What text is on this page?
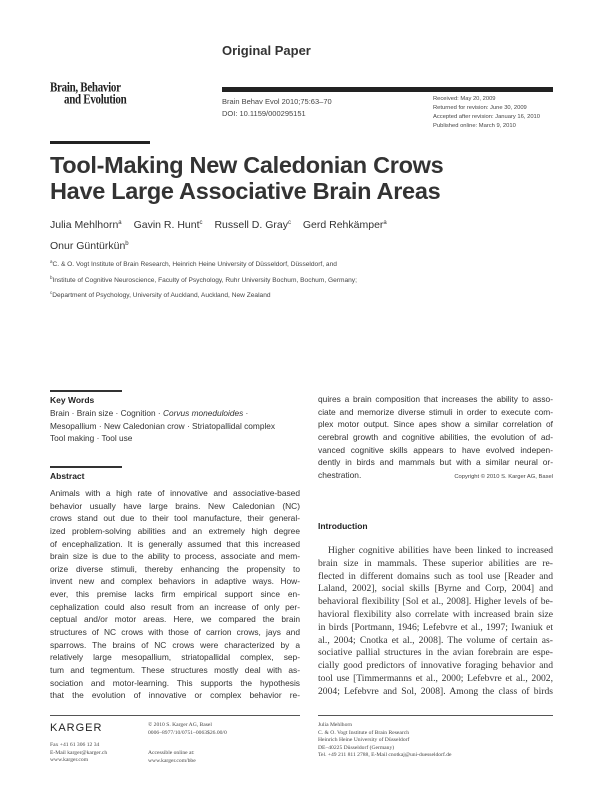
Original Paper
Brain, Behavior
and Evolution	Brain Behav Evol 2010;75:63–70
DOI: 10.1159/000295151
Received: May 20, 2009
Returned for revision: June 30, 2009
Accepted after revision: January 16, 2010
Published online: March 9, 2010
Tool-Making New Caledonian Crows
Have Large Associative Brain Areas
Julia Mehlhorn$^a$ Gavin R. Hunt$^c$ Russell D. Gray$^c$ Gerd Rehkämper$^a$
Onur Güntürkün$^b$
$^a$C. & O. Vogt Institute of Brain Research, Heinrich Heine University of Düsseldorf, Düsseldorf, and
$^b$Institute of Cognitive Neuroscience, Faculty of Psychology, Ruhr University Bochum, Bochum, Germany;
$^c$Department of Psychology, University of Auckland, Auckland, New Zealand
Key Words
Brain · Brain size · Cognition · Corvus moneduloides ·
Mesopallium · New Caledonian crow · Striatopallidal complex
Tool making · Tool use
Abstract
Animals with a high rate of innovative and associative-based
behavior usually have large brains. New Caledonian (NC)
crows stand out due to their tool manufacture, their general-
ized problem-solving abilities and an extremely high degree
of encephalization. It is generally assumed that this increased
brain size is due to the ability to process, associate and mem-
orize diverse stimuli, thereby enhancing the propensity to
invent new and complex behaviors in adaptive ways. How-
ever, this premise lacks firm empirical support since en-
cephalization could also result from an increase of only per-
ceptual and/or motor areas. Here, we compared the brain
structures of NC crows with those of carrion crows, jays and
sparrows. The brains of NC crows were characterized by a
relatively large mesopallium, striatopallidal complex, sep-
tum and tegmentum. These structures mostly deal with as-
sociation and motor-learning. This supports the hypothesis
that the evolution of innovative or complex behavior re-
quires a brain composition that increases the ability to asso-
ciate and memorize diverse stimuli in order to execute com-
plex motor output. Since apes show a similar correlation of
cerebral growth and cognitive abilities, the evolution of ad-
vanced cognitive skills appears to have evolved indepen-
dently in birds and mammals but with a similar neural or-
chestration.	Copyright © 2010 S. Karger AG, Basel
Introduction
Higher cognitive abilities have been linked to increased
brain size in mammals. These superior abilities are re-
flected in different domains such as tool use [Reader and
Laland, 2002], social skills [Byrne and Corp, 2004] and
behavioral flexibility [Sol et al., 2008]. Higher levels of be-
havioral flexibility also correlate with increased brain size
in birds [Portmann, 1946; Lefebvre et al., 1997; Iwaniuk et
al., 2004; Cnotka et al., 2008]. The volume of certain as-
sociative pallial structures in the avian forebrain are espe-
cially good predictors of innovative foraging behavior and
tool use [Timmermanns et al., 2000; Lefebvre et al., 2002,
2004; Lefebvre and Sol, 2008]. Among the class of birds
KARGER
Fax +41 61 306 12 34
E-Mail karger@karger.ch
www.karger.com
© 2010 S. Karger AG, Basel
0006–8977/10/0751–0063$26.00/0
Accessible online at:
www.karger.com/bbe
Julia Mehlhorn
C. & O. Vogt Institute of Brain Research
Heinrich Heine University of Düsseldorf
DE–40225 Düsseldorf (Germany)
Tel. +49 211 811 2788, E-Mail cnotkaj@uni-duesseldorf.de
